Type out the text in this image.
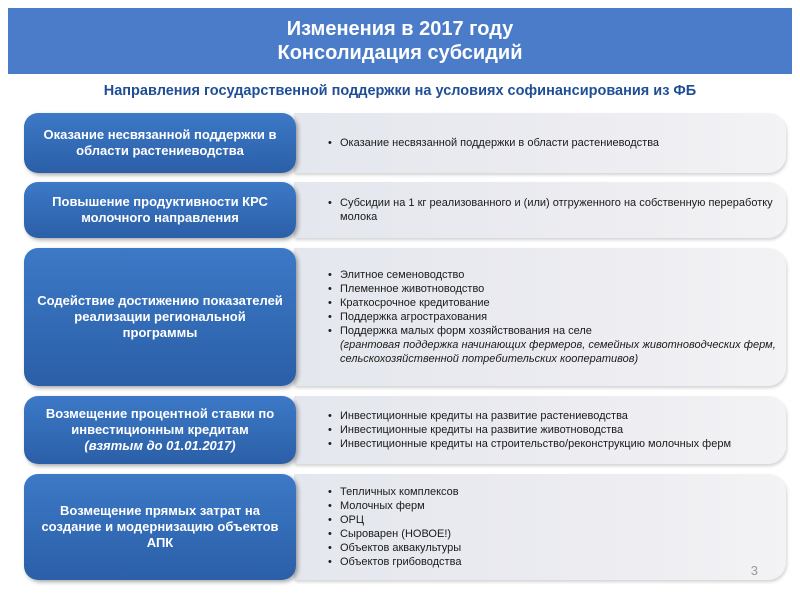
Изменения в 2017 году
Консолидация субсидий
Направления государственной поддержки на условиях софинансирования из ФБ
• Оказание несвязанной поддержки в области растениеводства
Оказание несвязанной поддержки в области растениеводства
• Субсидии на 1 кг реализованного и (или) отгруженного на собственную переработку молока
Повышение продуктивности КРС молочного направления
• Элитное семеноводство
• Племенное животноводство
• Краткосрочное кредитование
• Поддержка агрострахования
• Поддержка малых форм хозяйствования на селе
(грантовая поддержка начинающих фермеров, семейных животноводческих ферм, сельскохозяйственной потребительских кооперативов)
Содействие достижению показателей реализации региональной программы
• Инвестиционные кредиты на развитие растениеводства
• Инвестиционные кредиты на развитие животноводства
• Инвестиционные кредиты на строительство/реконструкцию молочных ферм
Возмещение процентной ставки по инвестиционным кредитам
(взятым до 01.01.2017)
• Тепличных комплексов
• Молочных ферм
• ОРЦ
• Сыроварен (НОВОЕ!)
• Объектов аквакультуры
• Объектов грибоводства
Возмещение прямых затрат на создание и модернизацию объектов АПК
3
